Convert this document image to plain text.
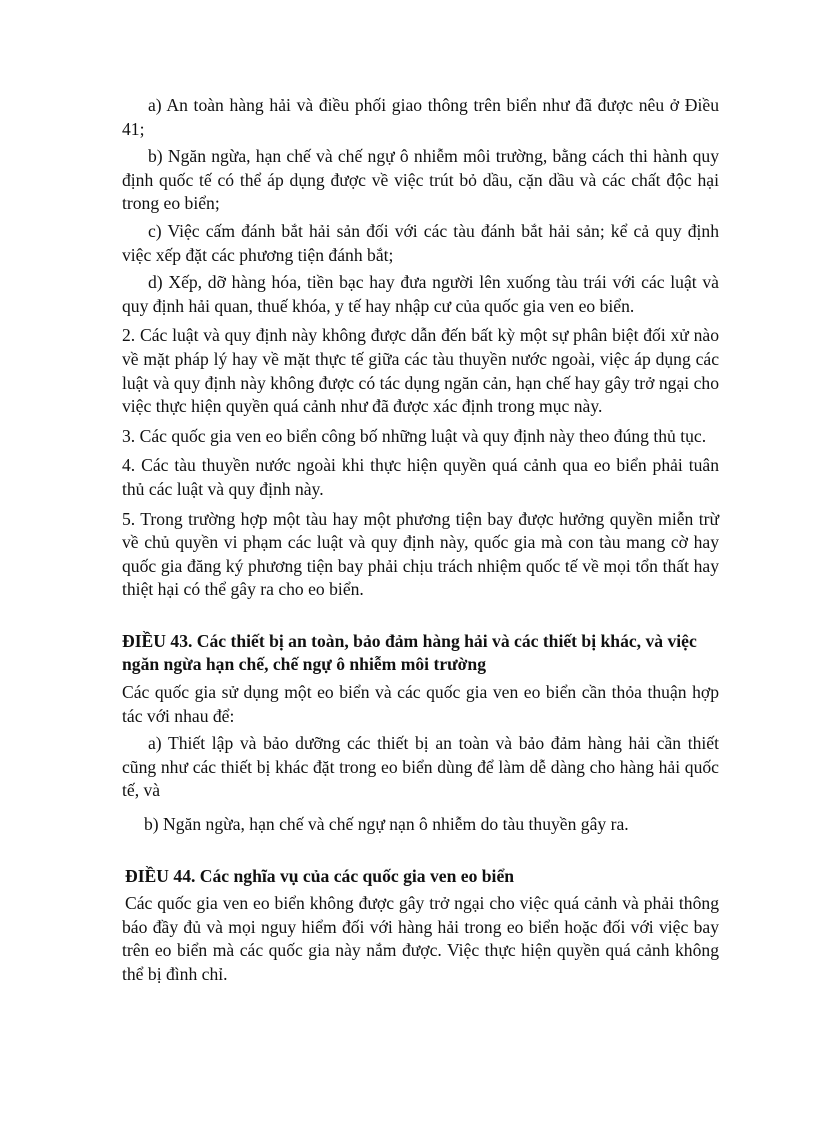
a) An toàn hàng hải và điều phối giao thông trên biển như đã được nêu ở Điều 41;

b) Ngăn ngừa, hạn chế và chế ngự ô nhiễm môi trường, bằng cách thi hành quy định quốc tế có thể áp dụng được về việc trút bỏ dầu, cặn dầu và các chất độc hại trong eo biển;

c) Việc cấm đánh bắt hải sản đối với các tàu đánh bắt hải sản; kể cả quy định việc xếp đặt các phương tiện đánh bắt;

d) Xếp, dỡ hàng hóa, tiền bạc hay đưa người lên xuống tàu trái với các luật và quy định hải quan, thuế khóa, y tế hay nhập cư của quốc gia ven eo biển.

2. Các luật và quy định này không được dẫn đến bất kỳ một sự phân biệt đối xử nào về mặt pháp lý hay về mặt thực tế giữa các tàu thuyền nước ngoài, việc áp dụng các luật và quy định này không được có tác dụng ngăn cản, hạn chế hay gây trở ngại cho việc thực hiện quyền quá cảnh như đã được xác định trong mục này.

3. Các quốc gia ven eo biển công bố những luật và quy định này theo đúng thủ tục.

4. Các tàu thuyền nước ngoài khi thực hiện quyền quá cảnh qua eo biển phải tuân thủ các luật và quy định này.

5. Trong trường hợp một tàu hay một phương tiện bay được hưởng quyền miễn trừ về chủ quyền vi phạm các luật và quy định này, quốc gia mà con tàu mang cờ hay quốc gia đăng ký phương tiện bay phải chịu trách nhiệm quốc tế về mọi tổn thất hay thiệt hại có thể gây ra cho eo biển.

ĐIỀU 43. Các thiết bị an toàn, bảo đảm hàng hải và các thiết bị khác, và việc ngăn ngừa hạn chế, chế ngự ô nhiễm môi trường

Các quốc gia sử dụng một eo biển và các quốc gia ven eo biển cần thỏa thuận hợp tác với nhau để:

a) Thiết lập và bảo dưỡng các thiết bị an toàn và bảo đảm hàng hải cần thiết cũng như các thiết bị khác đặt trong eo biển dùng để làm dễ dàng cho hàng hải quốc tế, và

b) Ngăn ngừa, hạn chế và chế ngự nạn ô nhiễm do tàu thuyền gây ra.

ĐIỀU 44. Các nghĩa vụ của các quốc gia ven eo biển

Các quốc gia ven eo biển không được gây trở ngại cho việc quá cảnh và phải thông báo đầy đủ và mọi nguy hiểm đối với hàng hải trong eo biển hoặc đối với việc bay trên eo biển mà các quốc gia này nắm được. Việc thực hiện quyền quá cảnh không thể bị đình chỉ.
